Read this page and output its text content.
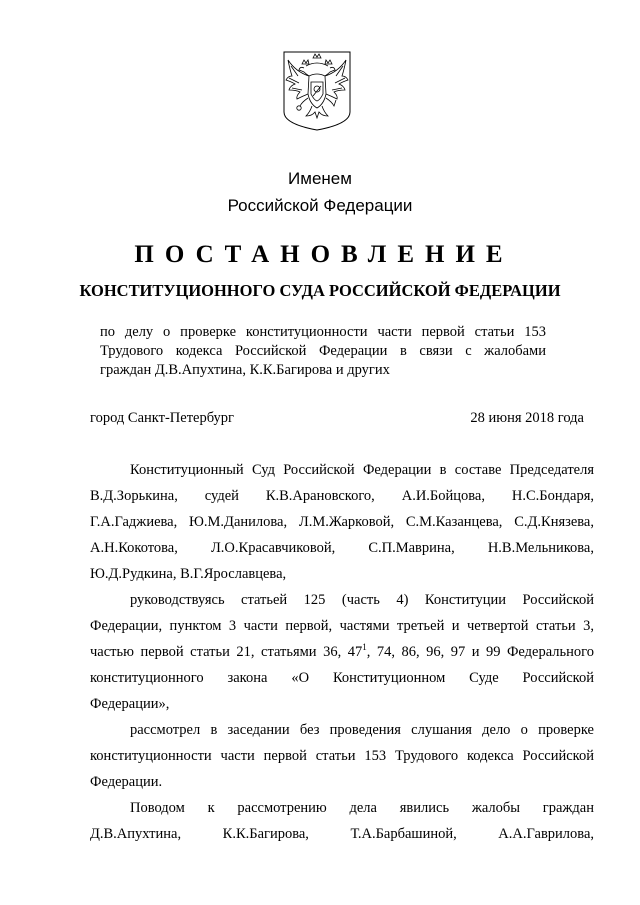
Именем
Российской Федерации
ПОСТАНОВЛЕНИЕ
КОНСТИТУЦИОННОГО СУДА РОССИЙСКОЙ ФЕДЕРАЦИИ
по делу о проверке конституционности части первой статьи 153
Трудового кодекса Российской Федерации в связи с жалобами
граждан Д.В.Апухтина, К.К.Багирова и других
город Санкт-Петербург	28 июня 2018 года
Конституционный Суд Российской Федерации в составе Председателя
В.Д.Зорькина, судей К.В.Арановского, А.И.Бойцова, Н.С.Бондаря,
Г.А.Гаджиева, Ю.М.Данилова, Л.М.Жарковой, С.М.Казанцева, С.Д.Князева,
А.Н.Кокотова, Л.О.Красавчиковой, С.П.Маврина, Н.В.Мельникова,
Ю.Д.Рудкина, В.Г.Ярославцева,
руководствуясь статьей 125 (часть 4) Конституции Российской
Федерации, пунктом 3 части первой, частями третьей и четвертой статьи 3,
частью первой статьи 21, статьями 36, $47^1$, 74, 86, 96, 97 и 99 Федерального
конституционного закона «О Конституционном Суде Российской
Федерации»,
рассмотрел в заседании без проведения слушания дело о проверке
конституционности части первой статьи 153 Трудового кодекса Российской
Федерации.
Поводом к рассмотрению дела явились жалобы граждан
Д.В.Апухтина, К.К.Багирова, Т.А.Барбашиной, А.А.Гаврилова,
